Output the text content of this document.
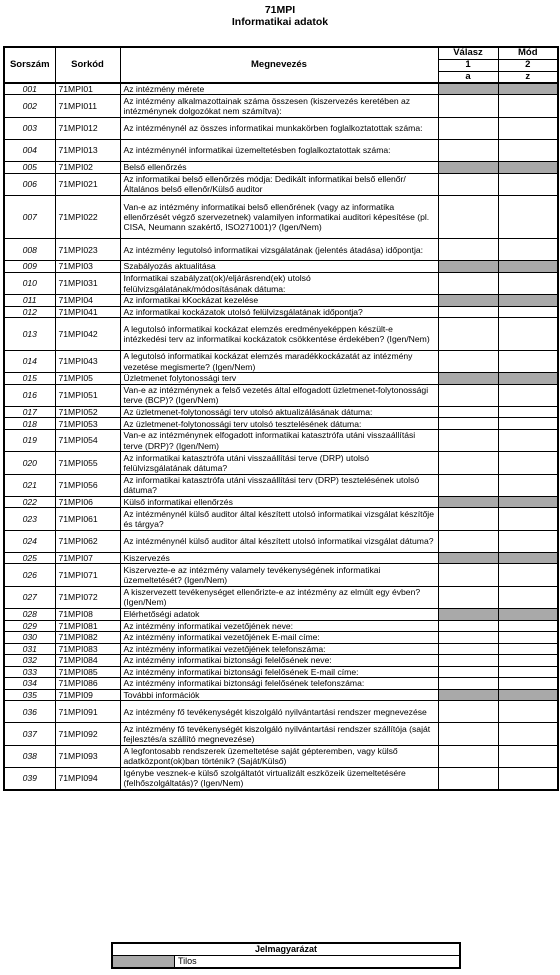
71MPI
Informatikai adatok
Sorszám	Sorkód	Megnevezés	Válasz	Mód
			1	2
			a	z
001	71MPI01	Az intézmény mérete		
002	71MPI011	Az intézmény alkalmazottainak száma összesen (kiszervezés keretében az intézménynek dolgozókat nem számítva):		
003	71MPI012	Az intézménynél az összes informatikai munkakörben foglalkoztatottak száma:		
004	71MPI013	Az intézménynél informatikai üzemeltetésben foglalkoztatottak száma:		
005	71MPI02	Belső ellenőrzés		
006	71MPI021	Az informatikai belső ellenőrzés módja: Dedikált informatikai belső ellenőr/Általános belső ellenőr/Külső auditor		
007	71MPI022	Van-e az intézmény informatikai belső ellenőrének (vagy az informatika ellenőrzését végző szervezetnek) valamilyen informatikai auditori képesítése (pl. CISA, Neumann szakértő, ISO271001)? (Igen/Nem)		
008	71MPI023	Az intézmény legutolsó informatikai vizsgálatának (jelentés átadása) időpontja:		
009	71MPI03	Szabályozás aktualitása		
010	71MPI031	Informatikai szabályzat(ok)/eljárásrend(ek) utolsó felülvizsgálatának/módosításának dátuma:		
011	71MPI04	Az informatikai kKockázat kezelése		
012	71MPI041	Az informatikai kockázatok utolsó felülvizsgálatának időpontja?		
013	71MPI042	A legutolsó informatikai kockázat elemzés eredményeképpen készült-e intézkedési terv az informatikai kockázatok csökkentése érdekében? (Igen/Nem)		
014	71MPI043	A legutolsó informatikai kockázat elemzés maradékkockázatát az intézmény vezetése megismerte? (Igen/Nem)		
015	71MPI05	Üzletmenet folytonossági terv		
016	71MPI051	Van-e az intézménynek a felső vezetés által elfogadott üzletmenet-folytonossági terve (BCP)? (Igen/Nem)		
017	71MPI052	Az üzletmenet-folytonossági terv utolsó aktualizálásának dátuma:		
018	71MPI053	Az üzletmenet-folytonossági terv utolsó tesztelésének dátuma:		
019	71MPI054	Van-e az intézménynek elfogadott informatikai katasztrófa utáni visszaállítási terve (DRP)? (Igen/Nem)		
020	71MPI055	Az informatikai katasztrófa utáni visszaállítási terve (DRP) utolsó felülvizsgálatának dátuma?		
021	71MPI056	Az informatikai katasztrófa utáni visszaállítási terv (DRP) tesztelésének utolsó dátuma?		
022	71MPI06	Külső informatikai ellenőrzés		
023	71MPI061	Az intézménynél külső auditor által készített utolsó informatikai vizsgálat készítője és tárgya?		
024	71MPI062	Az intézménynél külső auditor által készített utolsó informatikai vizsgálat dátuma?		
025	71MPI07	Kiszervezés		
026	71MPI071	Kiszervezte-e az intézmény valamely tevékenységének informatikai üzemeltetését? (Igen/Nem)		
027	71MPI072	A kiszervezett tevékenységet ellenőrizte-e az intézmény az elmúlt egy évben? (Igen/Nem)		
028	71MPI08	Elérhetőségi adatok		
029	71MPI081	Az intézmény informatikai vezetőjének neve:		
030	71MPI082	Az intézmény informatikai vezetőjének E-mail címe:		
031	71MPI083	Az intézmény informatikai vezetőjének telefonszáma:		
032	71MPI084	Az intézmény informatikai biztonsági felelősének neve:		
033	71MPI085	Az intézmény informatikai biztonsági felelősének E-mail címe:		
034	71MPI086	Az intézmény informatikai biztonsági felelősének telefonszáma:		
035	71MPI09	További információk		
036	71MPI091	Az intézmény fő tevékenységét kiszolgáló nyilvántartási rendszer megnevezése		
037	71MPI092	Az intézmény fő tevékenységét kiszolgáló nyilvántartási rendszer szállítója (saját fejlesztés/a szállító megnevezése)		
038	71MPI093	A legfontosabb rendszerek üzemeltetése saját gépteremben, vagy külső adatközpont(ok)ban történik? (Saját/Külső)		
039	71MPI094	Igénybe vesznek-e külső szolgáltatót virtualizált eszközeik üzemeltetésére (felhőszolgáltatás)? (Igen/Nem)		
Jelmagyarázat
	Tilos
